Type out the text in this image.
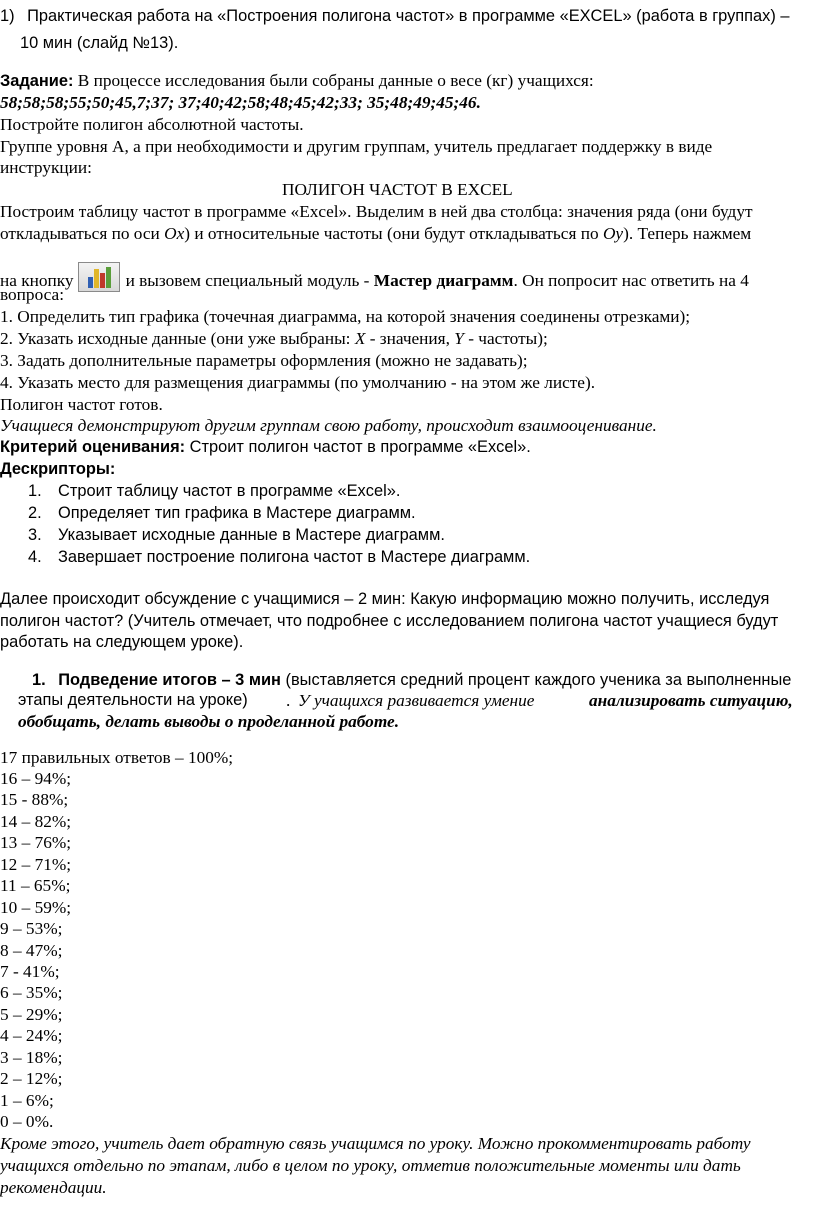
1) Практическая работа на «Построения полигона частот» в программе «EXCEL» (работа в группах) –
10 мин (слайд №13).
Задание: В процессе исследования были собраны данные о весе (кг) учащихся:
58;58;58;55;50;45,7;37; 37;40;42;58;48;45;42;33; 35;48;49;45;46.
Постройте полигон абсолютной частоты.
Группе уровня А, а при необходимости и другим группам, учитель предлагает поддержку в виде
инструкции:
ПОЛИГОН ЧАСТОТ В EXCEL
Построим таблицу частот в программе «Excel». Выделим в ней два столбца: значения ряда (они будут
откладываться по оси Ox) и относительные частоты (они будут откладываться по Oy). Теперь нажмем
на кнопку	и вызовем специальный модуль - Мастер диаграмм. Он попросит нас ответить на 4
вопроса:
1. Определить тип графика (точечная диаграмма, на которой значения соединены отрезками);
2. Указать исходные данные (они уже выбраны: X - значения, Y - частоты);
3. Задать дополнительные параметры оформления (можно не задавать);
4. Указать место для размещения диаграммы (по умолчанию - на этом же листе).
Полигон частот готов.
Учащиеся демонстрируют другим группам свою работу, происходит взаимооценивание.
Критерий оценивания: Строит полигон частот в программе «Excel».
Дескрипторы:
1. Строит таблицу частот в программе «Excel».
2. Определяет тип графика в Мастере диаграмм.
3. Указывает исходные данные в Мастере диаграмм.
4. Завершает построение полигона частот в Мастере диаграмм.
Далее происходит обсуждение с учащимися – 2 мин: Какую информацию можно получить, исследуя
полигон частот? (Учитель отмечает, что подробнее с исследованием полигона частот учащиеся будут
работать на следующем уроке).
1. Подведение итогов – 3 мин (выставляется средний процент каждого ученика за выполненные
этапы деятельности на уроке) . У учащихся развивается умение	анализировать ситуацию,
обобщать, делать выводы о проделанной работе.
17 правильных ответов – 100%;
16 – 94%;
15 - 88%;
14 – 82%;
13 – 76%;
12 – 71%;
11 – 65%;
10 – 59%;
9 – 53%;
8 – 47%;
7 - 41%;
6 – 35%;
5 – 29%;
4 – 24%;
3 – 18%;
2 – 12%;
1 – 6%;
0 – 0%.
Кроме этого, учитель дает обратную связь учащимся по уроку. Можно прокомментировать работу
учащихся отдельно по этапам, либо в целом по уроку, отметив положительные моменты или дать
рекомендации.
